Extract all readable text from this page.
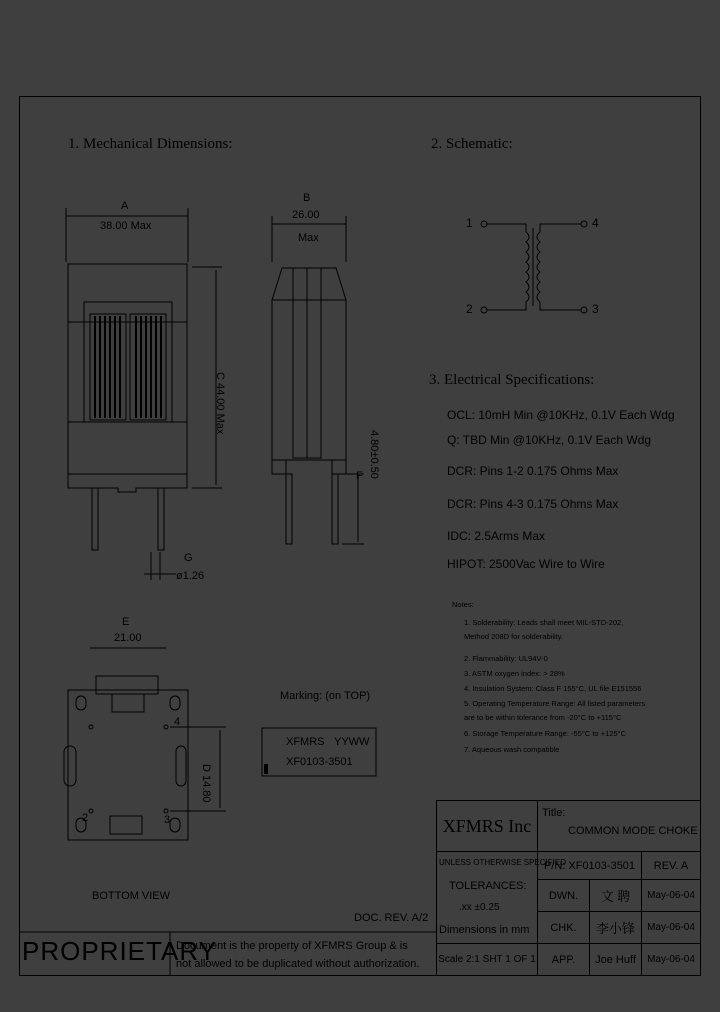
1. Mechanical Dimensions:	2. Schematic:
3. Electrical Specifications:
A
38.00 Max
C 44.00 Max
G
ø1.26
B
26.00
Max
F 4.80±0.50
1	4
2	3
OCL: 10mH Min @10KHz, 0.1V Each Wdg
Q: TBD Min @10KHz, 0.1V Each Wdg
DCR: Pins 1-2 0.175 Ohms Max
DCR: Pins 4-3 0.175 Ohms Max
IDC: 2.5Arms Max
HIPOT: 2500Vac Wire to Wire
Notes:
1. Solderability: Leads shall meet MIL-STD-202,
Method 208D for solderability.
2. Flammability: UL94V-0
3. ASTM oxygen index: > 28%
4. Insulation System: Class F 155°C, UL file E151556
5. Operating Temperature Range: All listed parameters
are to be within tolerance from -20°C to +115°C
6. Storage Temperature Range: -55°C to +125°C
7. Aqueous wash compatible
E
21.00
D 14.80
4
2	3
BOTTOM VIEW
Marking: (on TOP)
XFMRS YYWW
XF0103-3501
DOC. REV. A/2
XFMRS Inc
Title:
COMMON MODE CHOKE
UNLESS OTHERWISE SPECIFIED
TOLERANCES:
.xx ±0.25
Dimensions in mm
P/N: XF0103-3501	REV. A
DWN.	文 聘	May-06-04
CHK.	李小锋	May-06-04
Scale 2:1 SHT 1 OF 1	APP.	Joe Huff	May-06-04
PROPRIETARY
Document is the property of XFMRS Group & is
not allowed to be duplicated without authorization.
